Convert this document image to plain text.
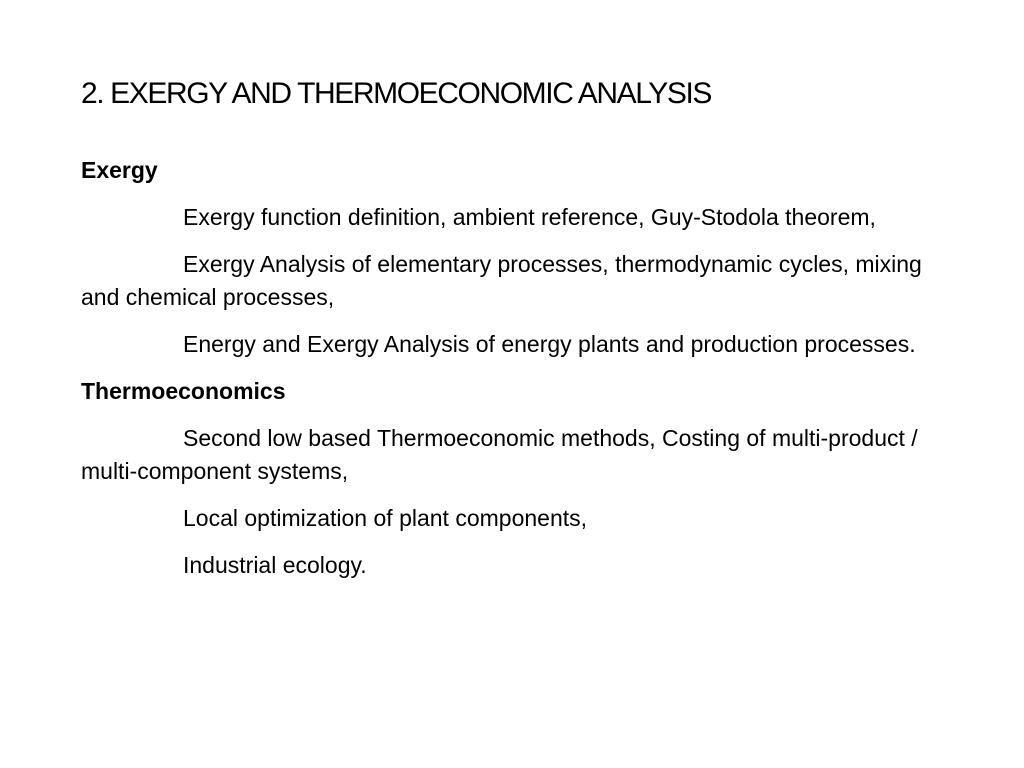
2. EXERGY AND THERMOECONOMIC ANALYSIS
Exergy
Exergy function definition, ambient reference, Guy-Stodola theorem,
Exergy Analysis of elementary processes, thermodynamic cycles, mixing and chemical processes,
Energy and Exergy Analysis of energy plants and production processes.
Thermoeconomics
Second low based Thermoeconomic methods, Costing of multi-product / multi-component systems,
Local optimization of plant components,
Industrial ecology.
